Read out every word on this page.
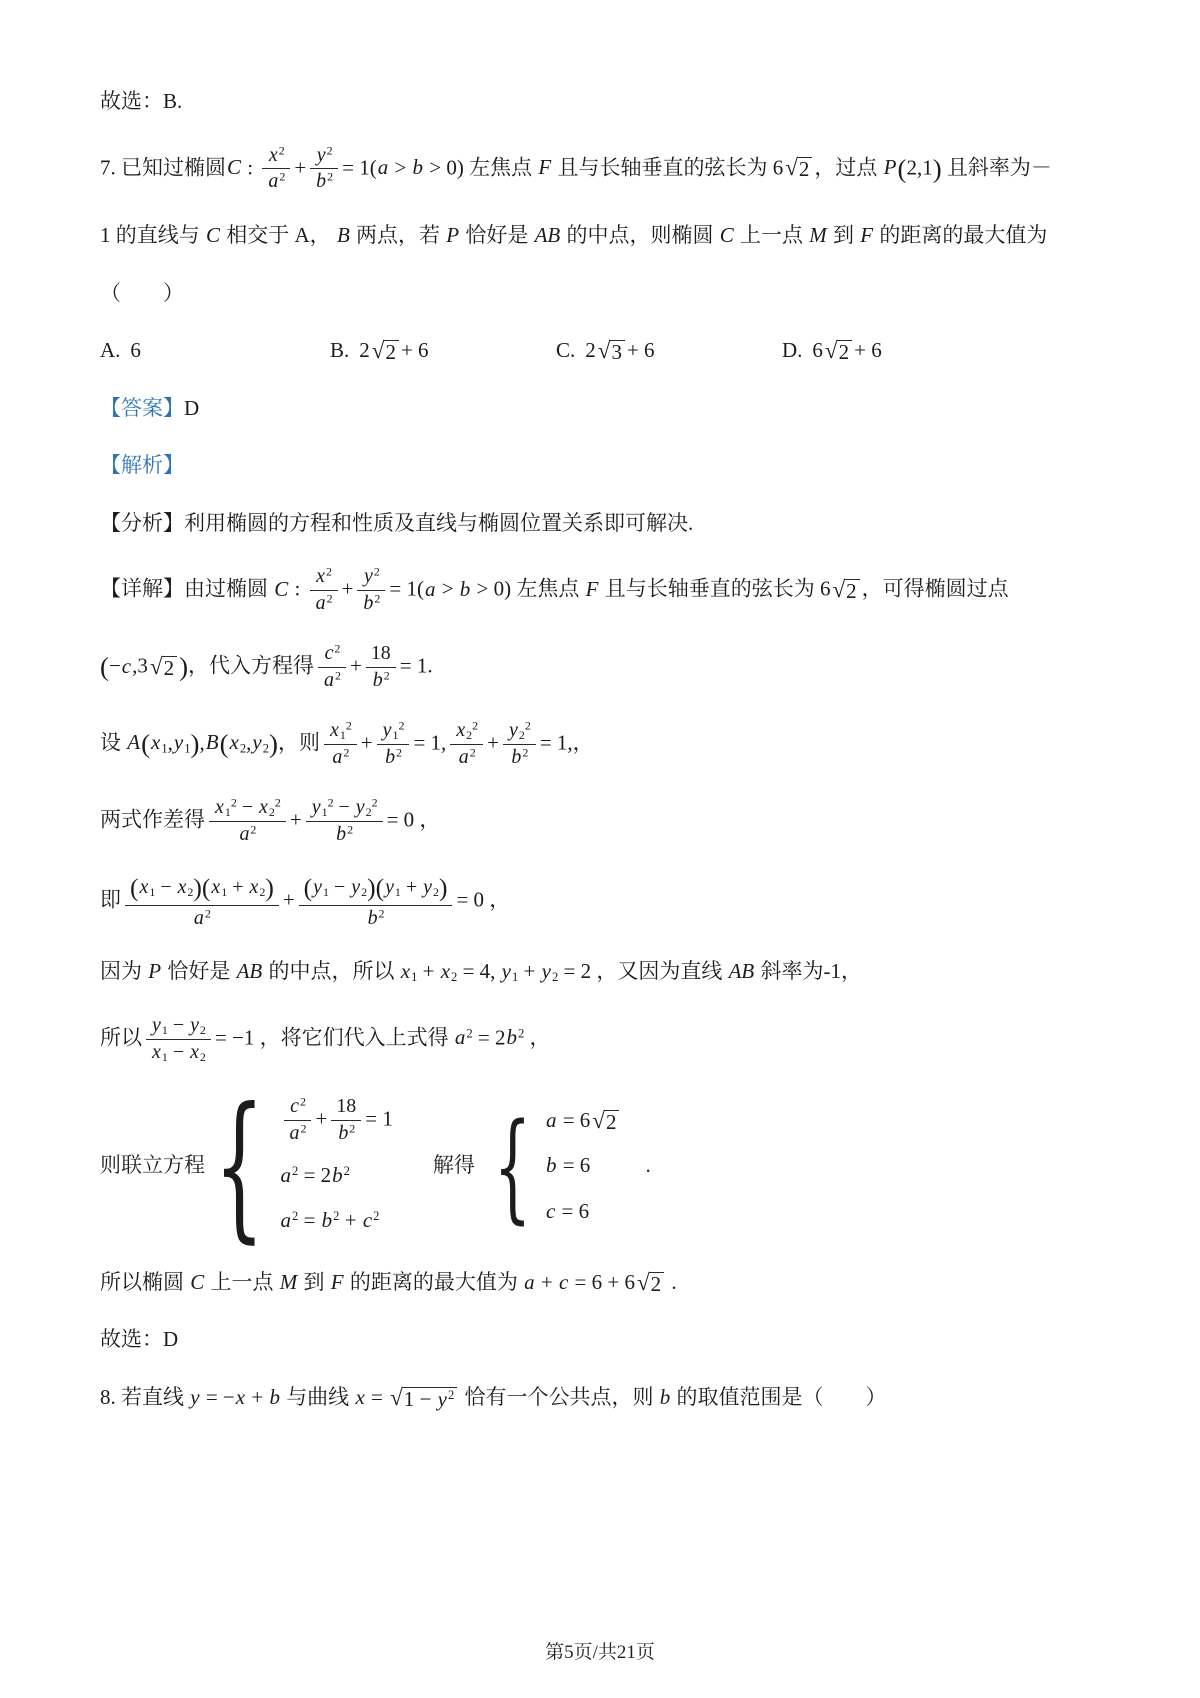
故选：B.
7. 已知过椭圆C : $\frac{x^2}{a^2} + \frac{y^2}{b^2} = 1(a > b > 0)$ 左焦点 F 且与长轴垂直的弦长为 6 √ 2 ，过点 P(2,1) 且斜率为－
1 的直线与 C 相交于 A， B 两点，若 P 恰好是 AB 的中点，则椭圆 C 上一点 M 到 F 的距离的最大值为
（　　）
A. 6	B. 2 √ 2 + 6	C. 2 √ 3 + 6	D. 6 √ 2 + 6
【答案】D
【解析】
【分析】利用椭圆的方程和性质及直线与椭圆位置关系即可解决.
【详解】由过椭圆 C : $\frac{x^2}{a^2} + \frac{y^2}{b^2} = 1(a > b > 0)$ 左焦点 F 且与长轴垂直的弦长为 6 √ 2 ，可得椭圆过点
(−c,3 √ 2 )，代入方程得 $\frac{c^2}{a^2} + \frac{18}{b^2} = 1$.
设 $A(x_1,y_1),B(x_2,y_2)$，则 $\frac{x_1^2}{a^2} + \frac{y_1^2}{b^2} = 1$, $\frac{x_2^2}{a^2} + \frac{y_2^2}{b^2} = 1$,，
两式作差得 $\frac{x_1^2 - x_2^2}{a^2} + \frac{y_1^2 - y_2^2}{b^2} = 0$ ，
即 $\frac{(x_1 - x_2)(x_1 + x_2)}{a^2} + \frac{(y_1 - y_2)(y_1 + y_2)}{b^2} = 0$ ，
因为 P 恰好是 AB 的中点，所以 $x_1 + x_2 = 4$, $y_1 + y_2 = 2$ ，又因为直线 AB 斜率为-1，
所以 $\frac{y_1 - y_2}{x_1 - x_2} = -1$ ，将它们代入上式得 $a^2 = 2b^2$ ，
则联立方程 { $\frac{c^2}{a^2} + \frac{18}{b^2} = 1$
$a^2 = 2b^2$
$a^2 = b^2 + c^2$
解得 { a = 6 √ 2
b = 6
c = 6
.
所以椭圆 C 上一点 M 到 F 的距离的最大值为 a + c = 6 + 6 √ 2 .
故选：D
8. 若直线 y = −x + b 与曲线 x = √ $1 - y^2$ 恰有一个公共点，则 b 的取值范围是（　　）
第5页/共21页
